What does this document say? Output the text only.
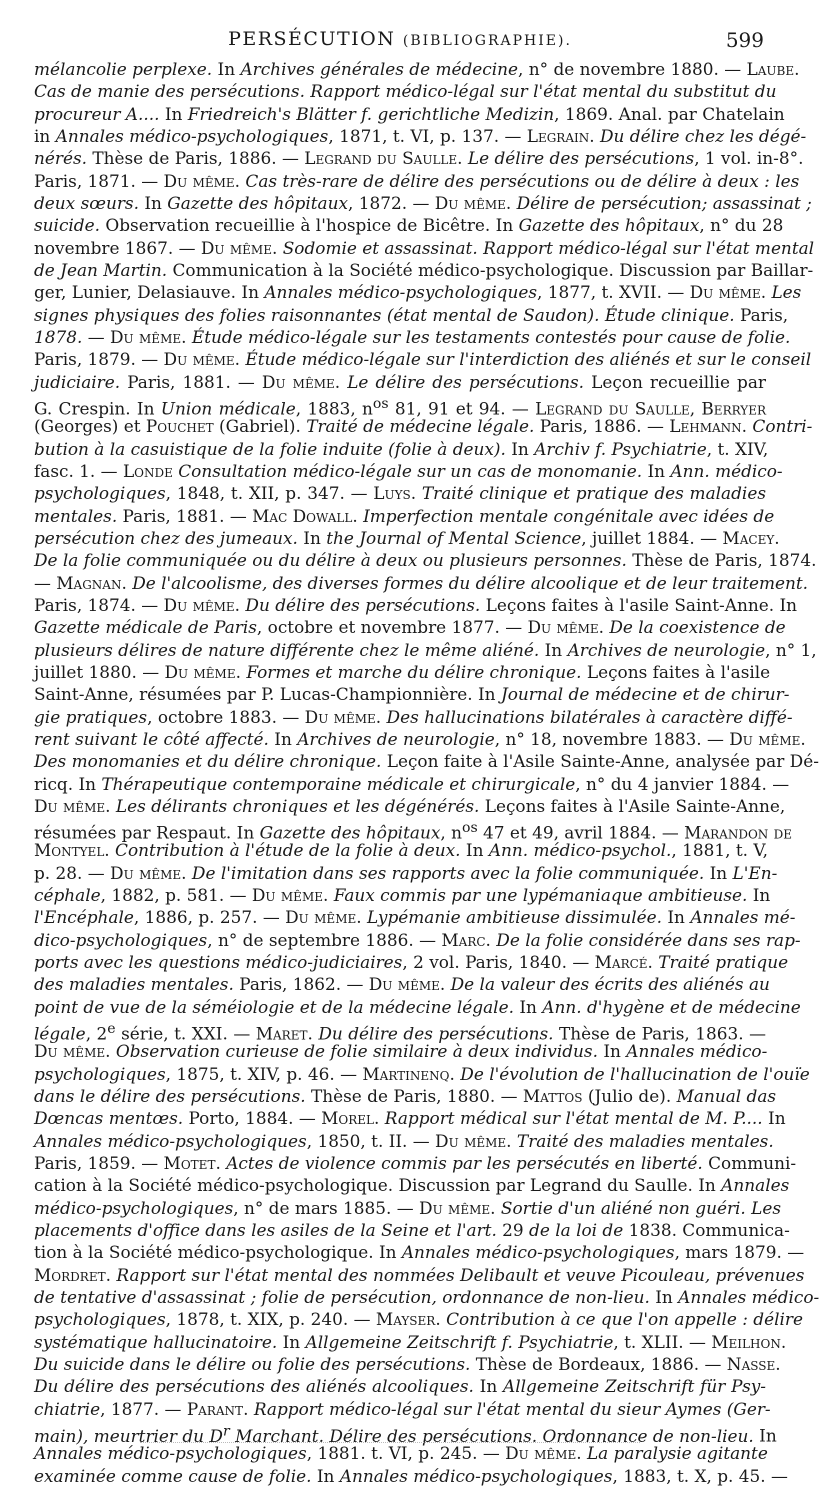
PERSÉCUTION (BIBLIOGRAPHIE).	599
mélancolie perplexe. In Archives générales de médecine, n° de novembre 1880. — Laube.
Cas de manie des persécutions. Rapport médico-légal sur l'état mental du substitut du
procureur A.... In Friedreich's Blätter f. gerichtliche Medizin, 1869. Anal. par Chatelain
in Annales médico-psychologiques, 1871, t. VI, p. 137. — Legrain. Du délire chez les dégé-
nérés. Thèse de Paris, 1886. — Legrand du Saulle. Le délire des persécutions, 1 vol. in-8°.
Paris, 1871. — Du même. Cas très-rare de délire des persécutions ou de délire à deux : les
deux sœurs. In Gazette des hôpitaux, 1872. — Du même. Délire de persécution; assassinat ;
suicide. Observation recueillie à l'hospice de Bicêtre. In Gazette des hôpitaux, n° du 28
novembre 1867. — Du même. Sodomie et assassinat. Rapport médico-légal sur l'état mental
de Jean Martin. Communication à la Société médico-psychologique. Discussion par Baillar-
ger, Lunier, Delasiauve. In Annales médico-psychologiques, 1877, t. XVII. — Du même. Les
signes physiques des folies raisonnantes (état mental de Saudon). Étude clinique. Paris,
1878. — Du même. Étude médico-légale sur les testaments contestés pour cause de folie.
Paris, 1879. — Du même. Étude médico-légale sur l'interdiction des aliénés et sur le conseil
judiciaire. Paris, 1881. — Du même. Le délire des persécutions. Leçon recueillie par
G. Crespin. In Union médicale, 1883, $n^{os}$ 81, 91 et 94. — Legrand du Saulle, Berryer
(Georges) et Pouchet (Gabriel). Traité de médecine légale. Paris, 1886. — Lehmann. Contri-
bution à la casuistique de la folie induite (folie à deux). In Archiv f. Psychiatrie, t. XIV,
fasc. 1. — Londe Consultation médico-légale sur un cas de monomanie. In Ann. médico-
psychologiques, 1848, t. XII, p. 347. — Luys. Traité clinique et pratique des maladies
mentales. Paris, 1881. — Mac Dowall. Imperfection mentale congénitale avec idées de
persécution chez des jumeaux. In the Journal of Mental Science, juillet 1884. — Macey.
De la folie communiquée ou du délire à deux ou plusieurs personnes. Thèse de Paris, 1874.
— Magnan. De l'alcoolisme, des diverses formes du délire alcoolique et de leur traitement.
Paris, 1874. — Du même. Du délire des persécutions. Leçons faites à l'asile Saint-Anne. In
Gazette médicale de Paris, octobre et novembre 1877. — Du même. De la coexistence de
plusieurs délires de nature différente chez le même aliéné. In Archives de neurologie, n° 1,
juillet 1880. — Du même. Formes et marche du délire chronique. Leçons faites à l'asile
Saint-Anne, résumées par P. Lucas-Championnière. In Journal de médecine et de chirur-
gie pratiques, octobre 1883. — Du même. Des hallucinations bilatérales à caractère diffé-
rent suivant le côté affecté. In Archives de neurologie, n° 18, novembre 1883. — Du même.
Des monomanies et du délire chronique. Leçon faite à l'Asile Sainte-Anne, analysée par Dé-
ricq. In Thérapeutique contemporaine médicale et chirurgicale, n° du 4 janvier 1884. —
Du même. Les délirants chroniques et les dégénérés. Leçons faites à l'Asile Sainte-Anne,
résumées par Respaut. In Gazette des hôpitaux, $n^{os}$ 47 et 49, avril 1884. — Marandon de
Montyel. Contribution à l'étude de la folie à deux. In Ann. médico-psychol., 1881, t. V,
p. 28. — Du même. De l'imitation dans ses rapports avec la folie communiquée. In L'En-
céphale, 1882, p. 581. — Du même. Faux commis par une lypémaniaque ambitieuse. In
l'Encéphale, 1886, p. 257. — Du même. Lypémanie ambitieuse dissimulée. In Annales mé-
dico-psychologiques, n° de septembre 1886. — Marc. De la folie considérée dans ses rap-
ports avec les questions médico-judiciaires, 2 vol. Paris, 1840. — Marcé. Traité pratique
des maladies mentales. Paris, 1862. — Du même. De la valeur des écrits des aliénés au
point de vue de la séméiologie et de la médecine légale. In Ann. d'hygène et de médecine
légale, 2e série, t. XXI. — Maret. Du délire des persécutions. Thèse de Paris, 1863. —
Du même. Observation curieuse de folie similaire à deux individus. In Annales médico-
psychologiques, 1875, t. XIV, p. 46. — Martinenq. De l'évolution de l'hallucination de l'ouïe
dans le délire des persécutions. Thèse de Paris, 1880. — Mattos (Julio de). Manual das
Dœncas mentœs. Porto, 1884. — Morel. Rapport médical sur l'état mental de M. P.... In
Annales médico-psychologiques, 1850, t. II. — Du même. Traité des maladies mentales.
Paris, 1859. — Motet. Actes de violence commis par les persécutés en liberté. Communi-
cation à la Société médico-psychologique. Discussion par Legrand du Saulle. In Annales
médico-psychologiques, n° de mars 1885. — Du même. Sortie d'un aliéné non guéri. Les
placements d'office dans les asiles de la Seine et l'art. 29 de la loi de 1838. Communica-
tion à la Société médico-psychologique. In Annales médico-psychologiques, mars 1879. —
Mordret. Rapport sur l'état mental des nommées Delibault et veuve Picouleau, prévenues
de tentative d'assassinat ; folie de persécution, ordonnance de non-lieu. In Annales médico-
psychologiques, 1878, t. XIX, p. 240. — Mayser. Contribution à ce que l'on appelle : délire
systématique hallucinatoire. In Allgemeine Zeitschrift f. Psychiatrie, t. XLII. — Meilhon.
Du suicide dans le délire ou folie des persécutions. Thèse de Bordeaux, 1886. — Nasse.
Du délire des persécutions des aliénés alcooliques. In Allgemeine Zeitschrift für Psy-
chiatrie, 1877. — Parant. Rapport médico-légal sur l'état mental du sieur Aymes (Ger-
main), meurtrier du $D^r$ Marchant. Délire des persécutions. Ordonnance de non-lieu. In
Annales médico-psychologiques, 1881. t. VI, p. 245. — Du même. La paralysie agitante
examinée comme cause de folie. In Annales médico-psychologiques, 1883, t. X, p. 45. —
